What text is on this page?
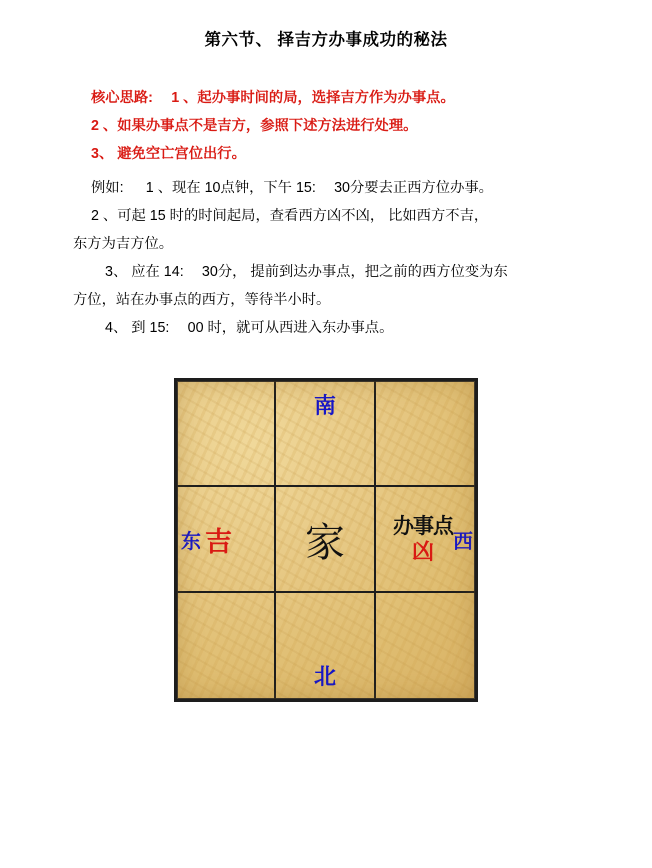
第六节、 择吉方办事成功的秘法
核心思路:　 1 、起办事时间的局，选择吉方作为办事点。
2 、如果办事点不是吉方，参照下述方法进行处理。
3、 避免空亡宫位出行。
例如: 　 1 、现在 10点钟，下午 15: 　30分要去正西方位办事。
2 、可起 15 时的时间起局，查看西方凶不凶， 比如西方不吉，
东方为吉方位。
3、 应在 14: 　30分， 提前到达办事点，把之前的西方位变为东
方位，站在办事点的西方，等待半小时。
4、 到 15: 　00 时，就可从西进入东办事点。
南
东 吉 家 办事点
凶 西
北
